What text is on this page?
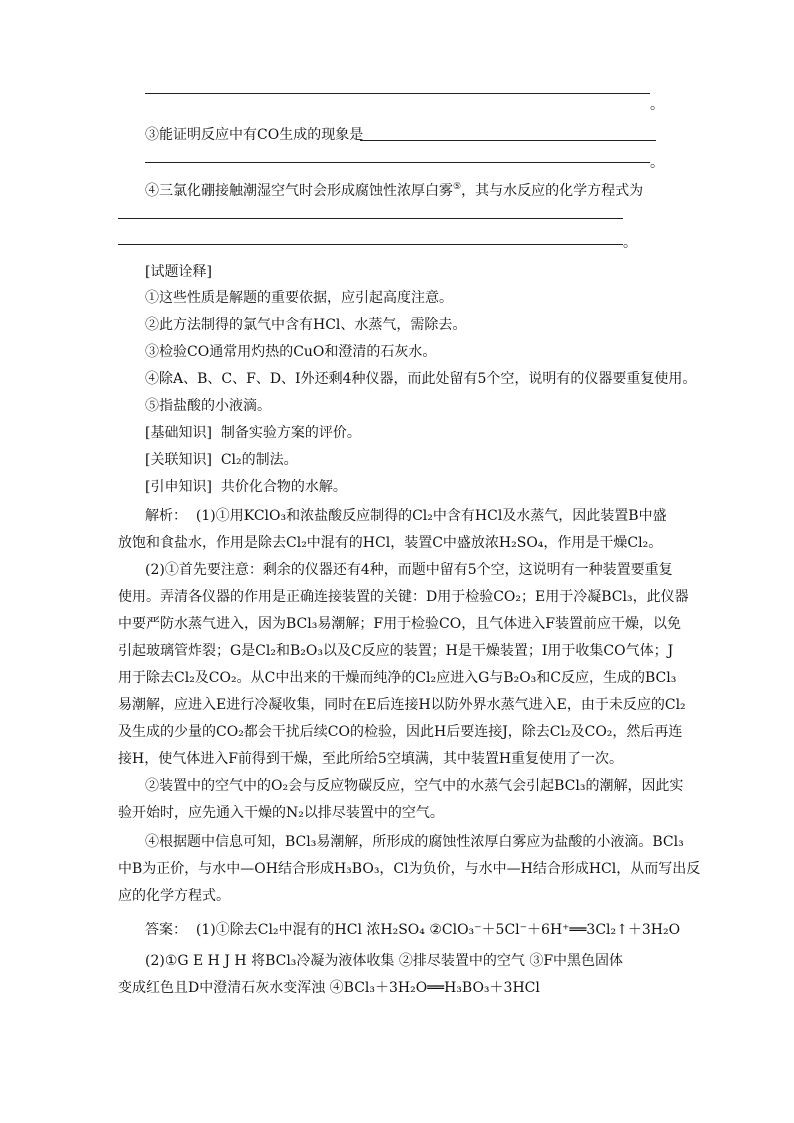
。
③能证明反应中有CO生成的现象是
。
④三氯化硼接触潮湿空气时会形成腐蚀性浓厚白雾⑤，其与水反应的化学方程式为
。
[试题诠释]
①这些性质是解题的重要依据，应引起高度注意。
②此方法制得的氯气中含有HCl、水蒸气，需除去。
③检验CO通常用灼热的CuO和澄清的石灰水。
④除A、B、C、F、D、I外还剩4种仪器，而此处留有5个空，说明有的仪器要重复使用。
⑤指盐酸的小液滴。
[基础知识] 制备实验方案的评价。
[关联知识] Cl₂的制法。
[引申知识] 共价化合物的水解。
解析： (1)①用KClO₃和浓盐酸反应制得的Cl₂中含有HCl及水蒸气，因此装置B中盛
放饱和食盐水，作用是除去Cl₂中混有的HCl，装置C中盛放浓H₂SO₄，作用是干燥Cl₂。
(2)①首先要注意：剩余的仪器还有4种，而题中留有5个空，这说明有一种装置要重复
使用。弄清各仪器的作用是正确连接装置的关键：D用于检验CO₂；E用于冷凝BCl₃，此仪器
中要严防水蒸气进入，因为BCl₃易潮解；F用于检验CO，且气体进入F装置前应干燥，以免
引起玻璃管炸裂；G是Cl₂和B₂O₃以及C反应的装置；H是干燥装置；I用于收集CO气体；J
用于除去Cl₂及CO₂。从C中出来的干燥而纯净的Cl₂应进入G与B₂O₃和C反应，生成的BCl₃
易潮解，应进入E进行冷凝收集，同时在E后连接H以防外界水蒸气进入E，由于未反应的Cl₂
及生成的少量的CO₂都会干扰后续CO的检验，因此H后要连接J，除去Cl₂及CO₂，然后再连
接H，使气体进入F前得到干燥，至此所给5空填满，其中装置H重复使用了一次。
②装置中的空气中的O₂会与反应物碳反应，空气中的水蒸气会引起BCl₃的潮解，因此实
验开始时，应先通入干燥的N₂以排尽装置中的空气。
④根据题中信息可知，BCl₃易潮解，所形成的腐蚀性浓厚白雾应为盐酸的小液滴。BCl₃
中B为正价，与水中—OH结合形成H₃BO₃，Cl为负价，与水中—H结合形成HCl，从而写出反
应的化学方程式。
答案： (1)①除去Cl₂中混有的HCl 浓H₂SO₄ ②ClO₃⁻＋5Cl⁻＋6H⁺══3Cl₂↑＋3H₂O
(2)①G E H J H 将BCl₃冷凝为液体收集 ②排尽装置中的空气 ③F中黑色固体
变成红色且D中澄清石灰水变浑浊 ④BCl₃＋3H₂O══H₃BO₃＋3HCl
